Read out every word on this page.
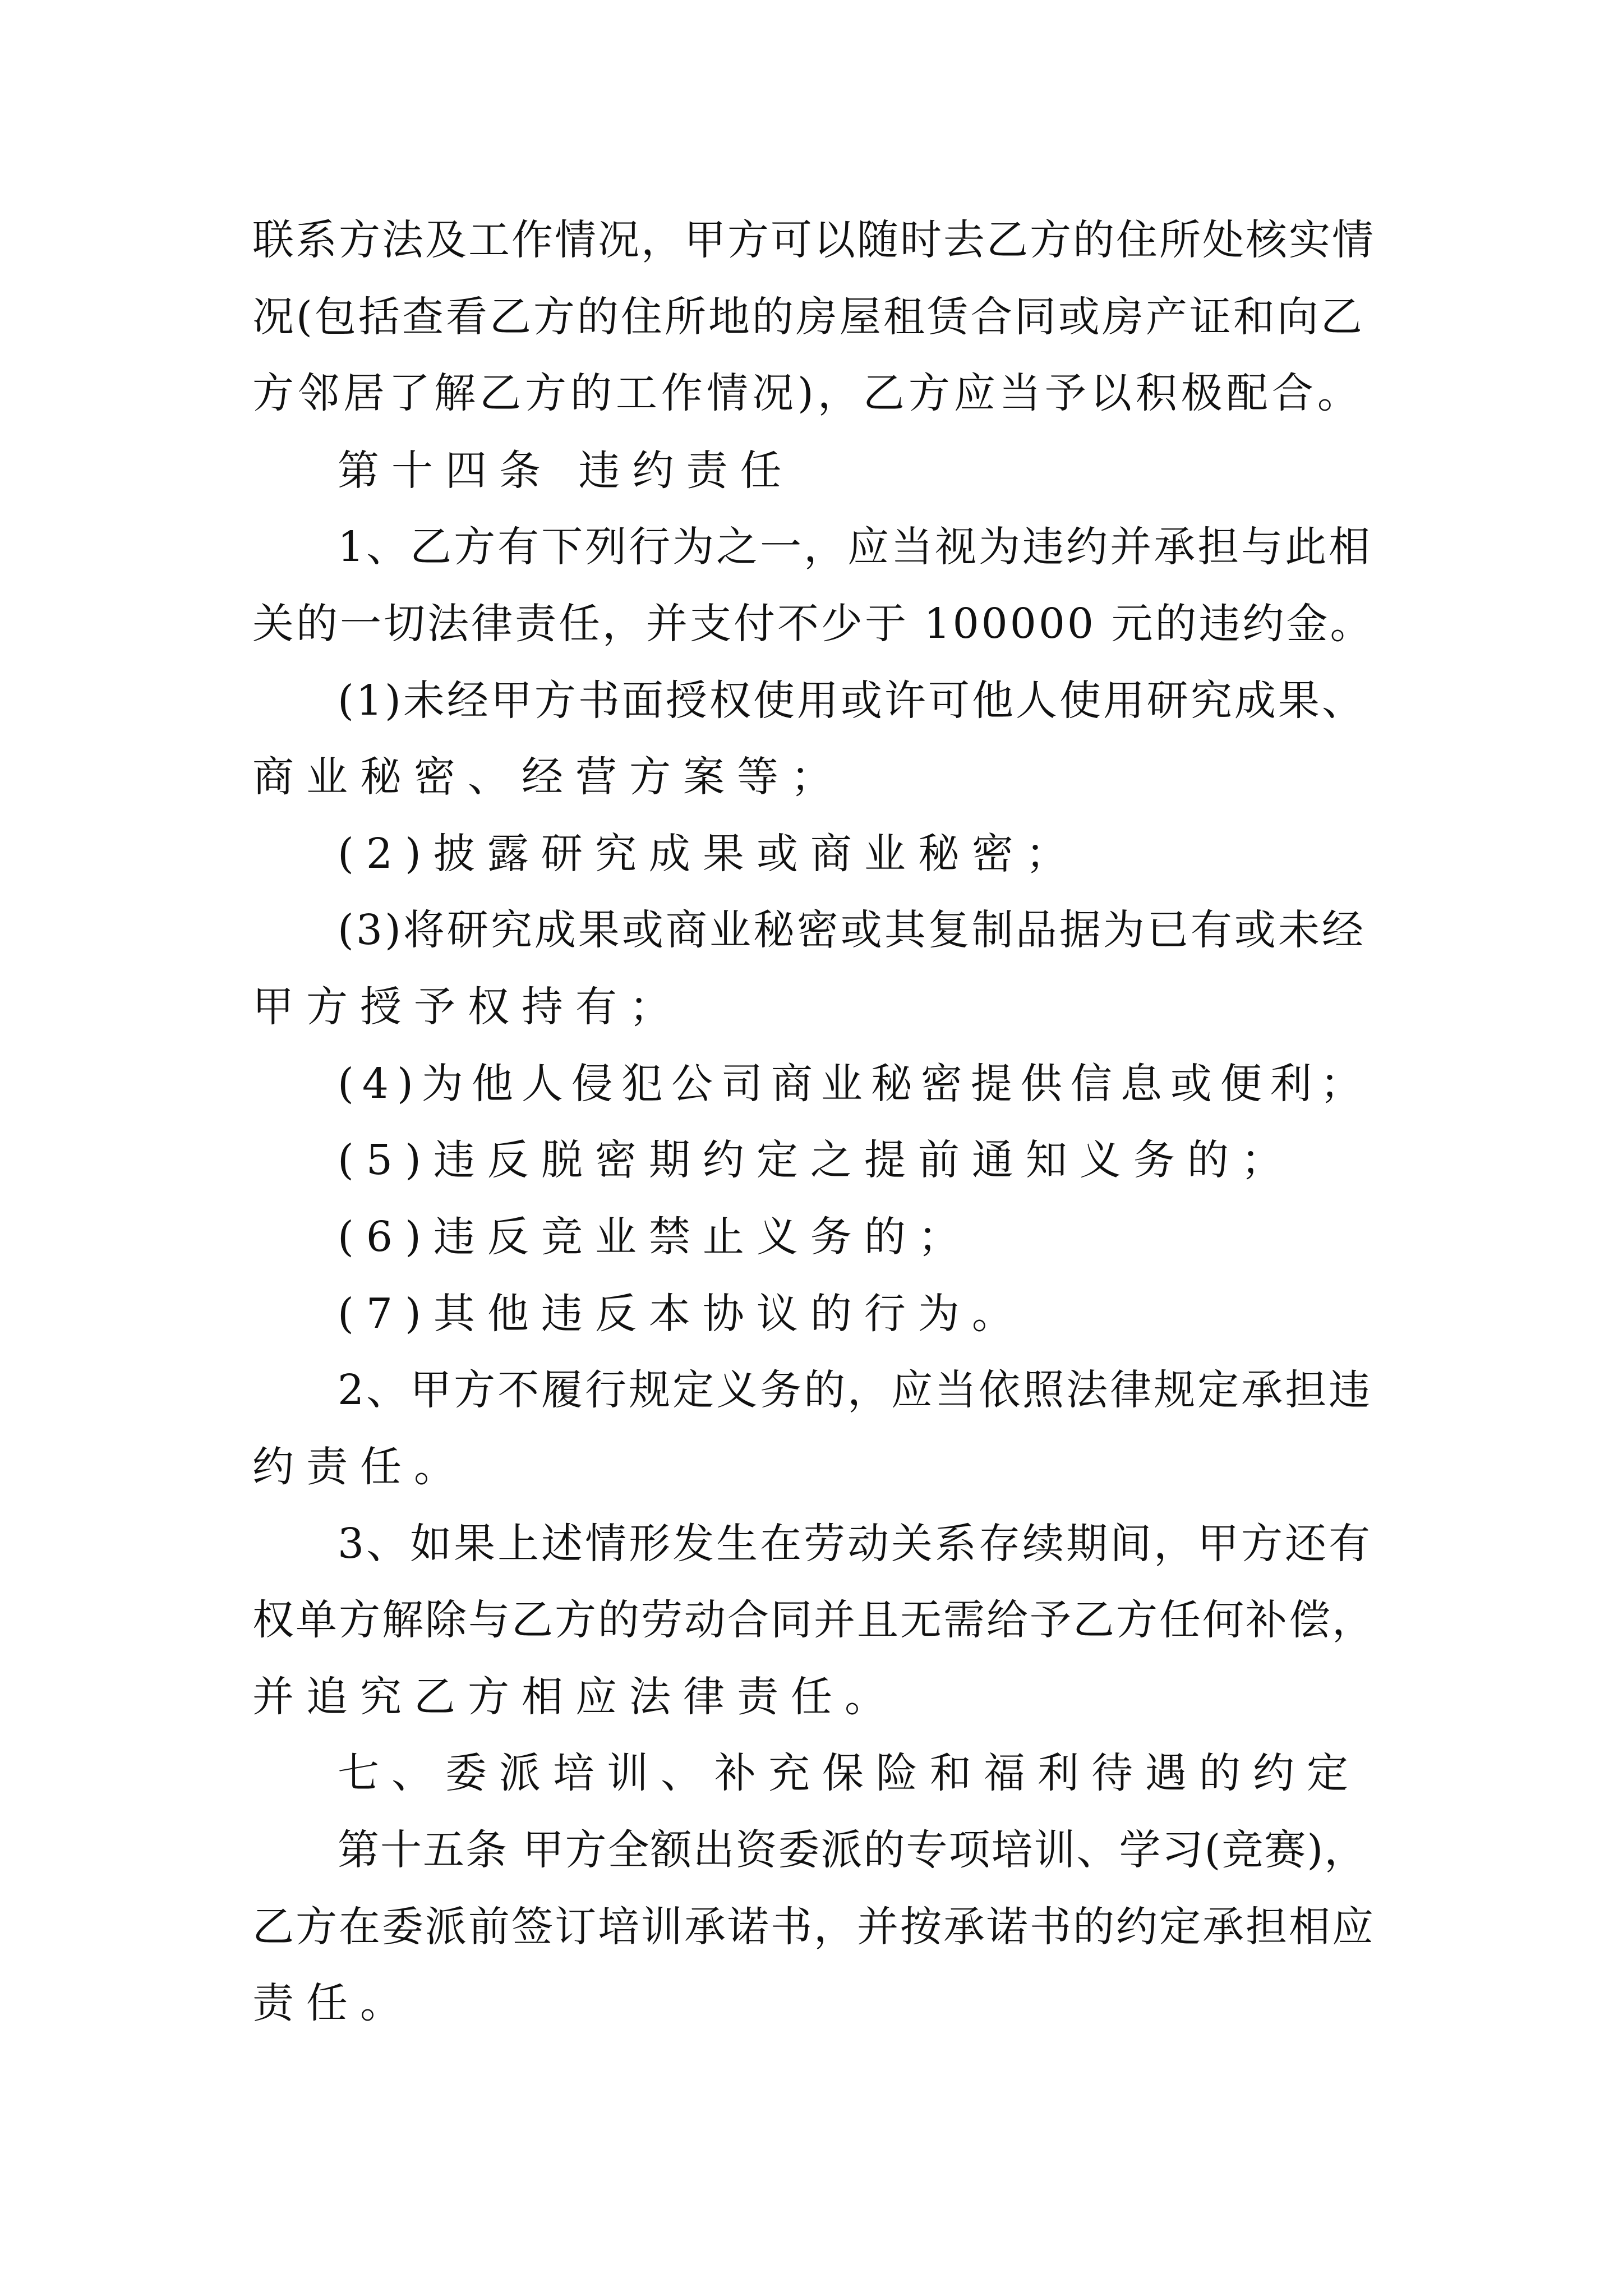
联系方法及工作情况，甲方可以随时去乙方的住所处核实情
况(包括查看乙方的住所地的房屋租赁合同或房产证和向乙
方邻居了解乙方的工作情况)，乙方应当予以积极配合。
第十四条 违约责任
1、乙方有下列行为之一，应当视为违约并承担与此相
关的一切法律责任，并支付不少于 100000 元的违约金。
(1)未经甲方书面授权使用或许可他人使用研究成果、
商业秘密、经营方案等；
(2)披露研究成果或商业秘密；
(3)将研究成果或商业秘密或其复制品据为已有或未经
甲方授予权持有；
(4)为他人侵犯公司商业秘密提供信息或便利；
(5)违反脱密期约定之提前通知义务的；
(6)违反竞业禁止义务的；
(7)其他违反本协议的行为。
2、甲方不履行规定义务的，应当依照法律规定承担违
约责任。
3、如果上述情形发生在劳动关系存续期间，甲方还有
权单方解除与乙方的劳动合同并且无需给予乙方任何补偿，
并追究乙方相应法律责任。
七、委派培训、补充保险和福利待遇的约定
第十五条 甲方全额出资委派的专项培训、学习(竞赛)，
乙方在委派前签订培训承诺书，并按承诺书的约定承担相应
责任。
